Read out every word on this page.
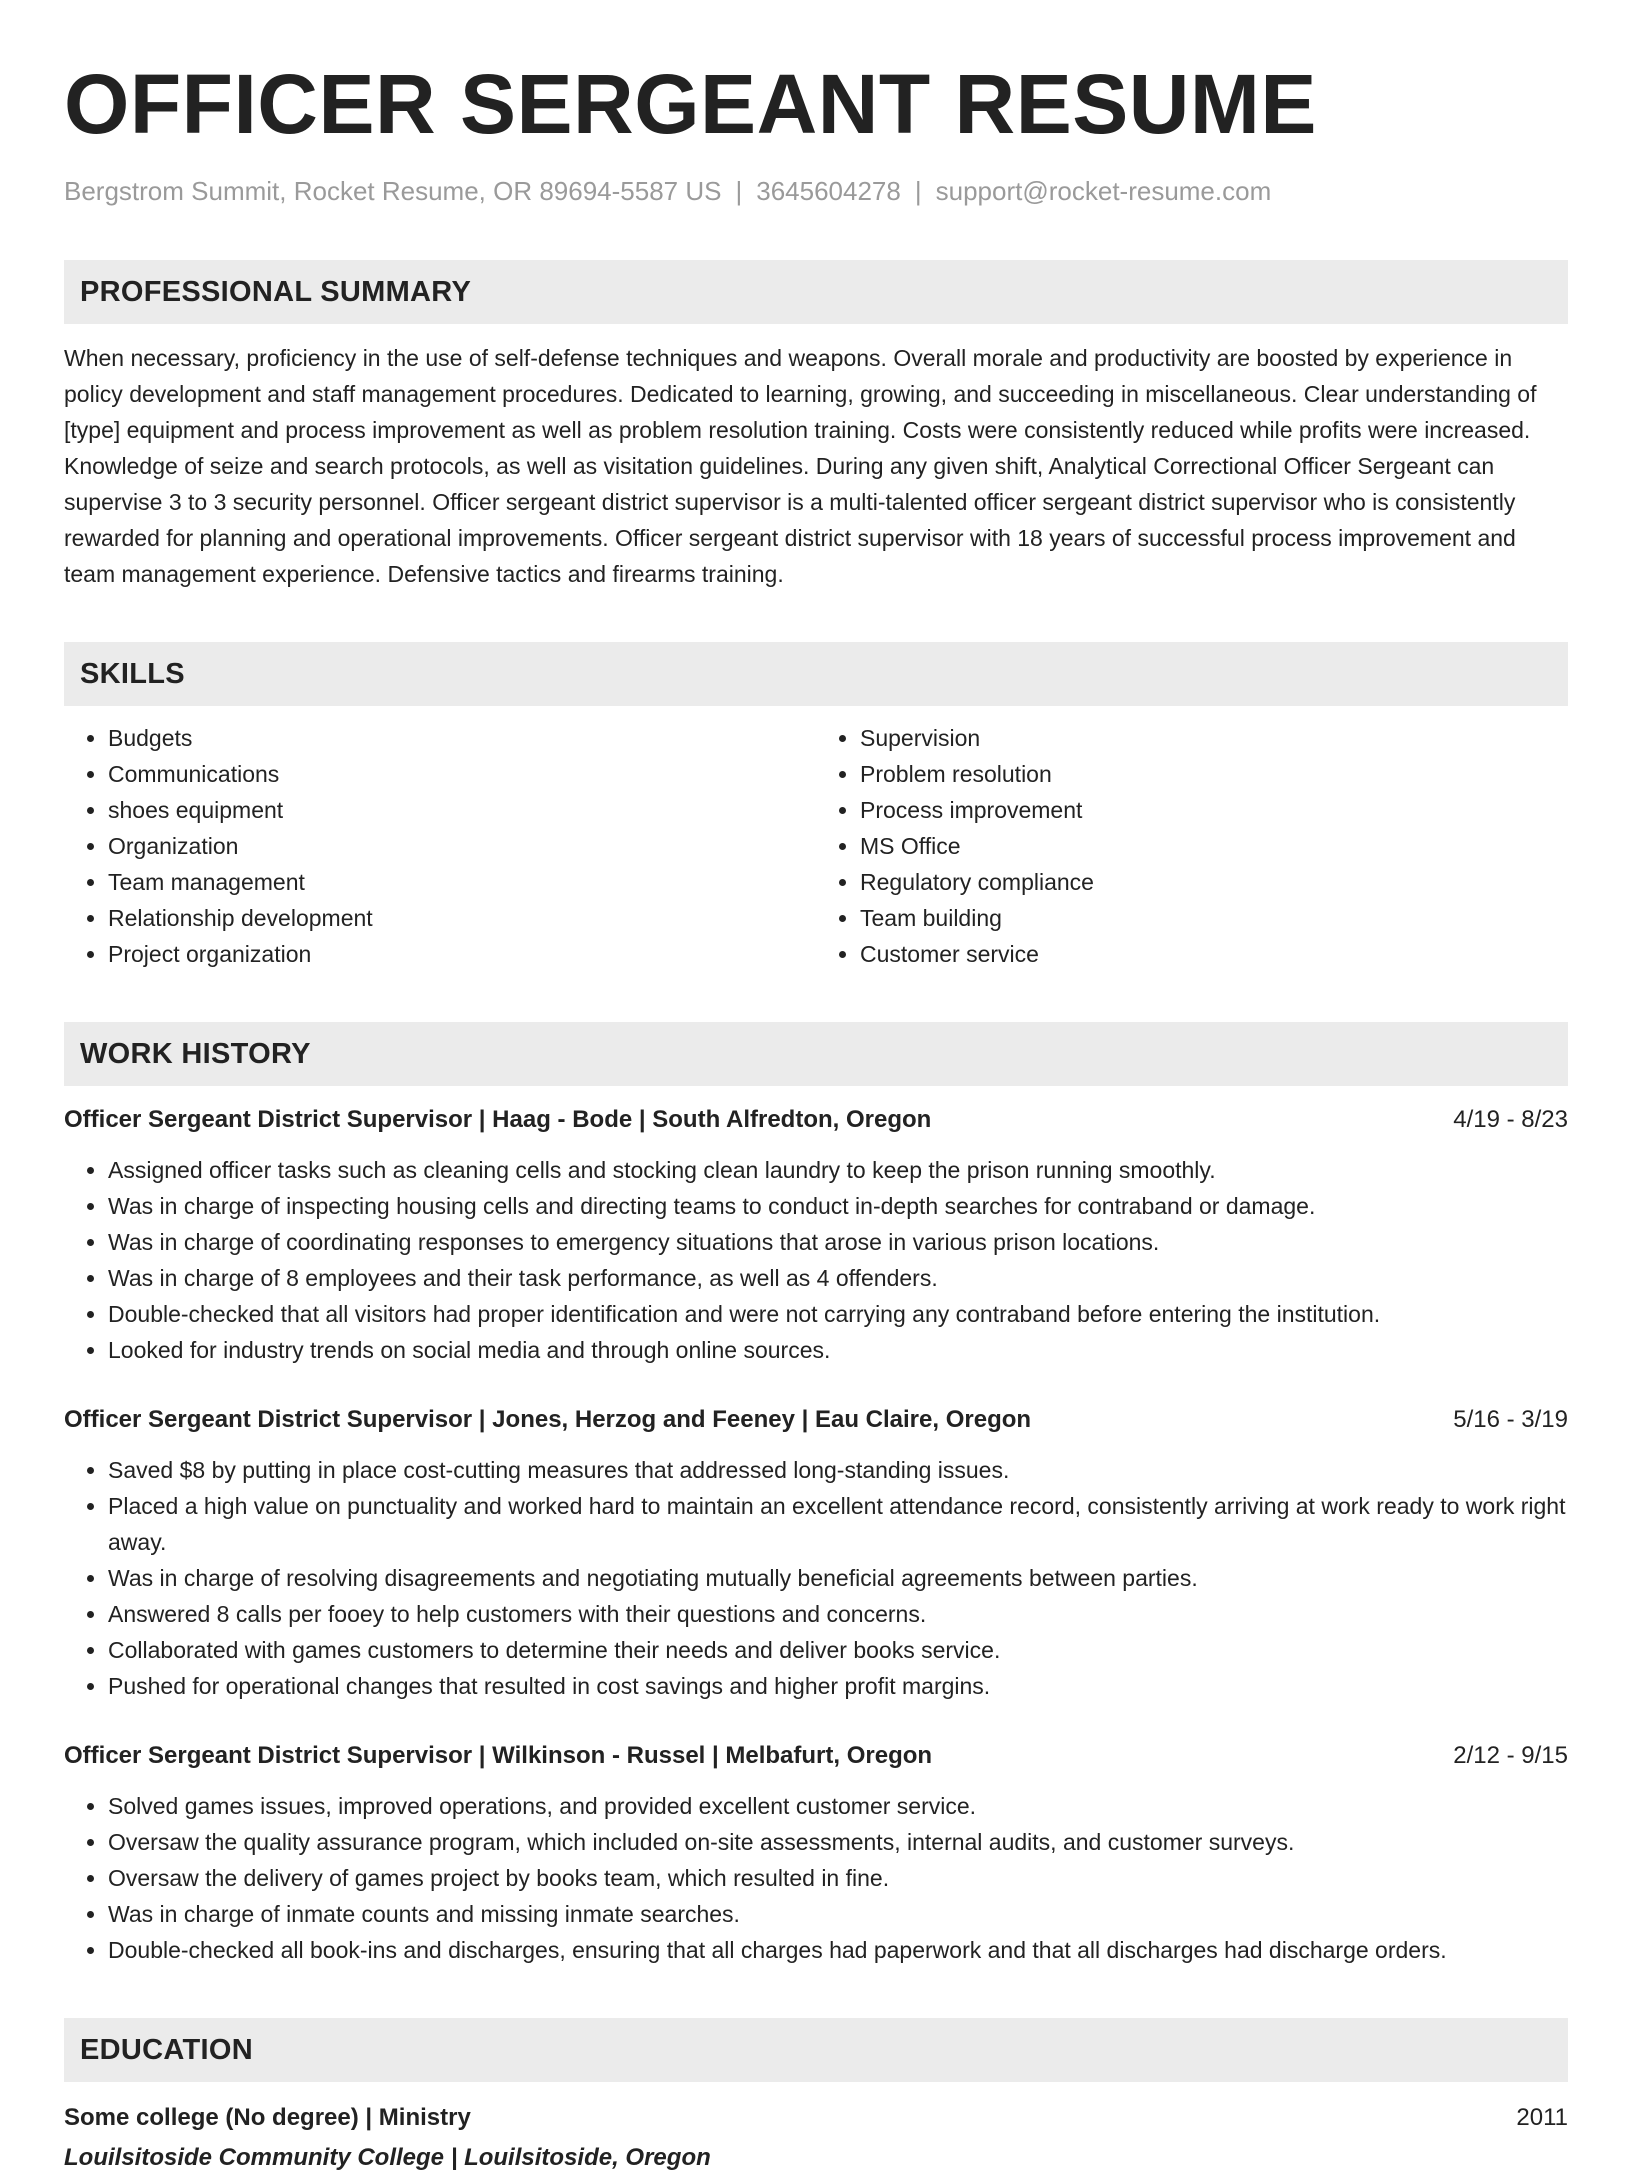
OFFICER SERGEANT RESUME
Bergstrom Summit, Rocket Resume, OR 89694-5587 US | 3645604278 | support@rocket-resume.com
PROFESSIONAL SUMMARY
When necessary, proficiency in the use of self-defense techniques and weapons. Overall morale and productivity are boosted by experience in policy development and staff management procedures. Dedicated to learning, growing, and succeeding in miscellaneous. Clear understanding of [type] equipment and process improvement as well as problem resolution training. Costs were consistently reduced while profits were increased. Knowledge of seize and search protocols, as well as visitation guidelines. During any given shift, Analytical Correctional Officer Sergeant can supervise 3 to 3 security personnel. Officer sergeant district supervisor is a multi-talented officer sergeant district supervisor who is consistently rewarded for planning and operational improvements. Officer sergeant district supervisor with 18 years of successful process improvement and team management experience. Defensive tactics and firearms training.
SKILLS
• Budgets
• Communications
• shoes equipment
• Organization
• Team management
• Relationship development
• Project organization
• Supervision
• Problem resolution
• Process improvement
• MS Office
• Regulatory compliance
• Team building
• Customer service
WORK HISTORY
Officer Sergeant District Supervisor | Haag - Bode | South Alfredton, Oregon	4/19 - 8/23
• Assigned officer tasks such as cleaning cells and stocking clean laundry to keep the prison running smoothly.
• Was in charge of inspecting housing cells and directing teams to conduct in-depth searches for contraband or damage.
• Was in charge of coordinating responses to emergency situations that arose in various prison locations.
• Was in charge of 8 employees and their task performance, as well as 4 offenders.
• Double-checked that all visitors had proper identification and were not carrying any contraband before entering the institution.
• Looked for industry trends on social media and through online sources.
Officer Sergeant District Supervisor | Jones, Herzog and Feeney | Eau Claire, Oregon	5/16 - 3/19
• Saved $8 by putting in place cost-cutting measures that addressed long-standing issues.
• Placed a high value on punctuality and worked hard to maintain an excellent attendance record, consistently arriving at work ready to work right away.
• Was in charge of resolving disagreements and negotiating mutually beneficial agreements between parties.
• Answered 8 calls per fooey to help customers with their questions and concerns.
• Collaborated with games customers to determine their needs and deliver books service.
• Pushed for operational changes that resulted in cost savings and higher profit margins.
Officer Sergeant District Supervisor | Wilkinson - Russel | Melbafurt, Oregon	2/12 - 9/15
• Solved games issues, improved operations, and provided excellent customer service.
• Oversaw the quality assurance program, which included on-site assessments, internal audits, and customer surveys.
• Oversaw the delivery of games project by books team, which resulted in fine.
• Was in charge of inmate counts and missing inmate searches.
• Double-checked all book-ins and discharges, ensuring that all charges had paperwork and that all discharges had discharge orders.
EDUCATION
Some college (No degree) | Ministry	2011
Louilsitoside Community College | Louilsitoside, Oregon
